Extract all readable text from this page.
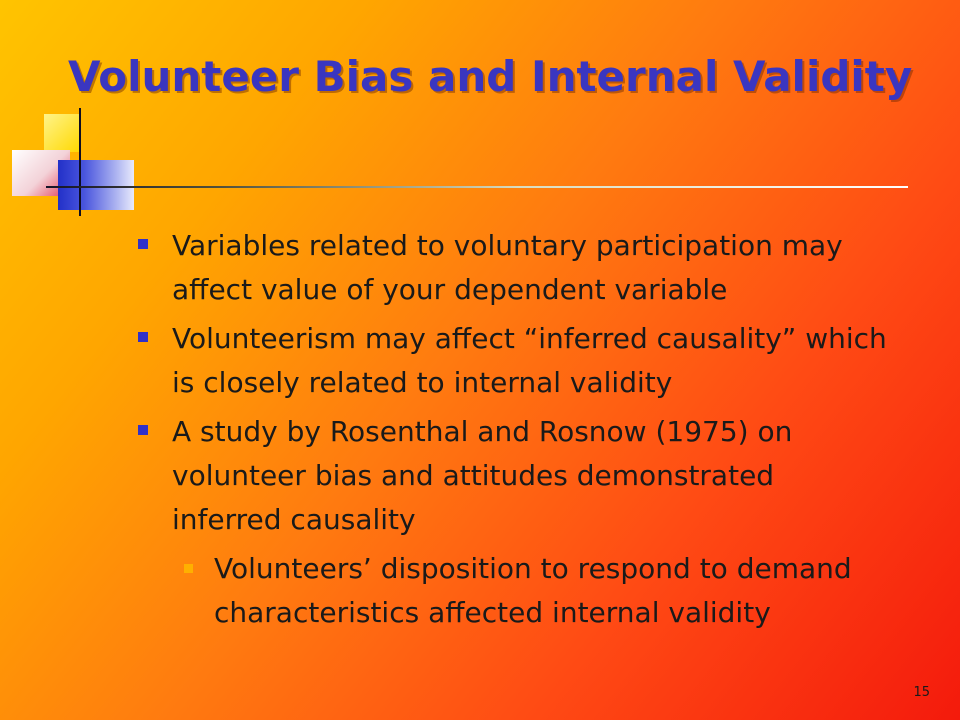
Volunteer Bias and Internal Validity
Variables related to voluntary participation may affect value of your dependent variable
Volunteerism may affect “inferred causality” which is closely related to internal validity
A study by Rosenthal and Rosnow (1975) on volunteer bias and attitudes demonstrated inferred causality
Volunteers’ disposition to respond to demand characteristics affected internal validity
15
